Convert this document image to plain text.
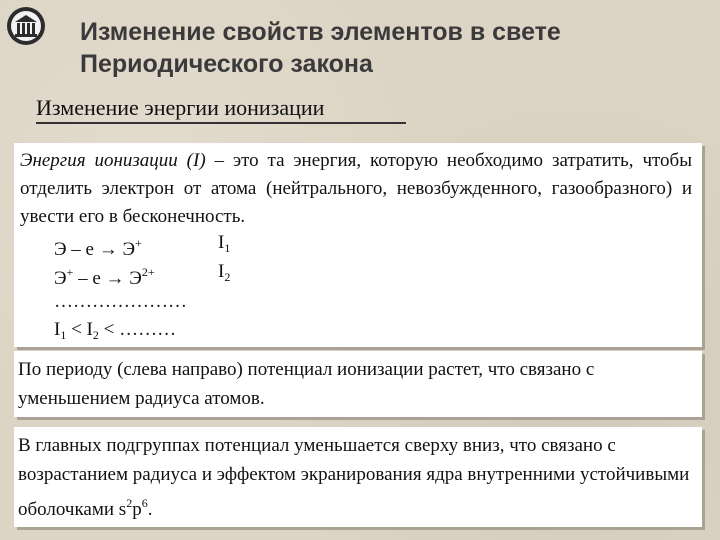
Изменение свойств элементов в свете Периодического закона
Изменение энергии ионизации
Энергия ионизации (I) – это та энергия, которую необходимо затратить, чтобы отделить электрон от атома (нейтрального, невозбужденного, газообразного) и увести его в бесконечность.
Э – е → Э+	$I_1$
$Э^+ - е \to Э^{2+}$	$I_2$
…………………
$I_1 < I_2$ < ………
По периоду (слева направо) потенциал ионизации растет, что связано с уменьшением радиуса атомов.
В главных подгруппах потенциал уменьшается сверху вниз, что связано с возрастанием радиуса и эффектом экранирования ядра внутренними устойчивыми оболочками $s^2p^6$.
